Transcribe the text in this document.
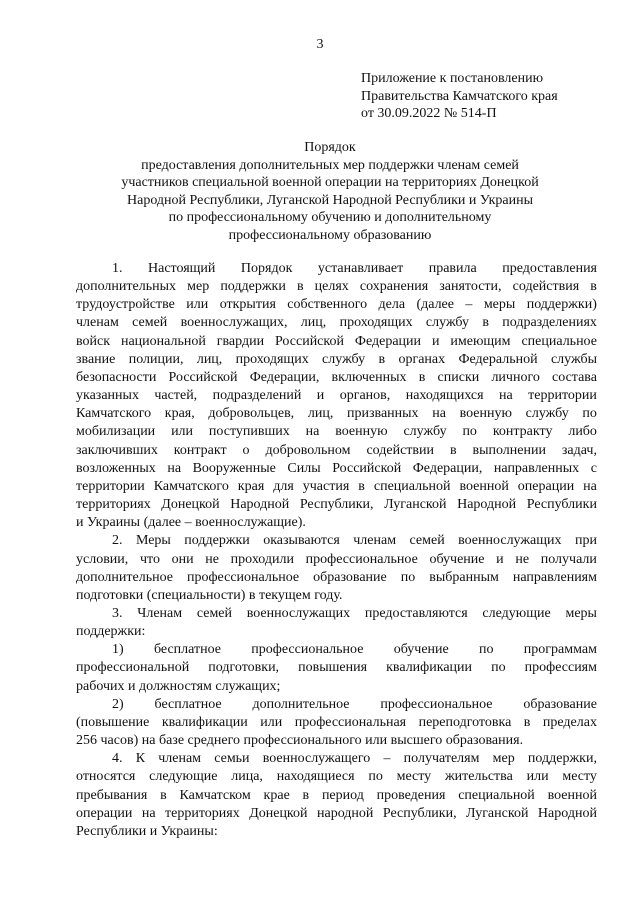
3
Приложение к постановлению
Правительства Камчатского края
от 30.09.2022 № 514-П
Порядок
предоставления дополнительных мер поддержки членам семей
участников специальной военной операции на территориях Донецкой
Народной Республики, Луганской Народной Республики и Украины
по профессиональному обучению и дополнительному
профессиональному образованию
1. Настоящий Порядок устанавливает правила предоставления
дополнительных мер поддержки в целях сохранения занятости, содействия в
трудоустройстве или открытия собственного дела (далее – меры поддержки)
членам семей военнослужащих, лиц, проходящих службу в подразделениях
войск национальной гвардии Российской Федерации и имеющим специальное
звание полиции, лиц, проходящих службу в органах Федеральной службы
безопасности Российской Федерации, включенных в списки личного состава
указанных частей, подразделений и органов, находящихся на территории
Камчатского края, добровольцев, лиц, призванных на военную службу по
мобилизации или поступивших на военную службу по контракту либо
заключивших контракт о добровольном содействии в выполнении задач,
возложенных на Вооруженные Силы Российской Федерации, направленных с
территории Камчатского края для участия в специальной военной операции на
территориях Донецкой Народной Республики, Луганской Народной Республики
и Украины (далее – военнослужащие).
2. Меры поддержки оказываются членам семей военнослужащих при
условии, что они не проходили профессиональное обучение и не получали
дополнительное профессиональное образование по выбранным направлениям
подготовки (специальности) в текущем году.
3. Членам семей военнослужащих предоставляются следующие меры
поддержки:
1) бесплатное профессиональное обучение по программам
профессиональной подготовки, повышения квалификации по профессиям
рабочих и должностям служащих;
2) бесплатное дополнительное профессиональное образование
(повышение квалификации или профессиональная переподготовка в пределах
256 часов) на базе среднего профессионального или высшего образования.
4. К членам семьи военнослужащего – получателям мер поддержки,
относятся следующие лица, находящиеся по месту жительства или месту
пребывания в Камчатском крае в период проведения специальной военной
операции на территориях Донецкой народной Республики, Луганской Народной
Республики и Украины:
